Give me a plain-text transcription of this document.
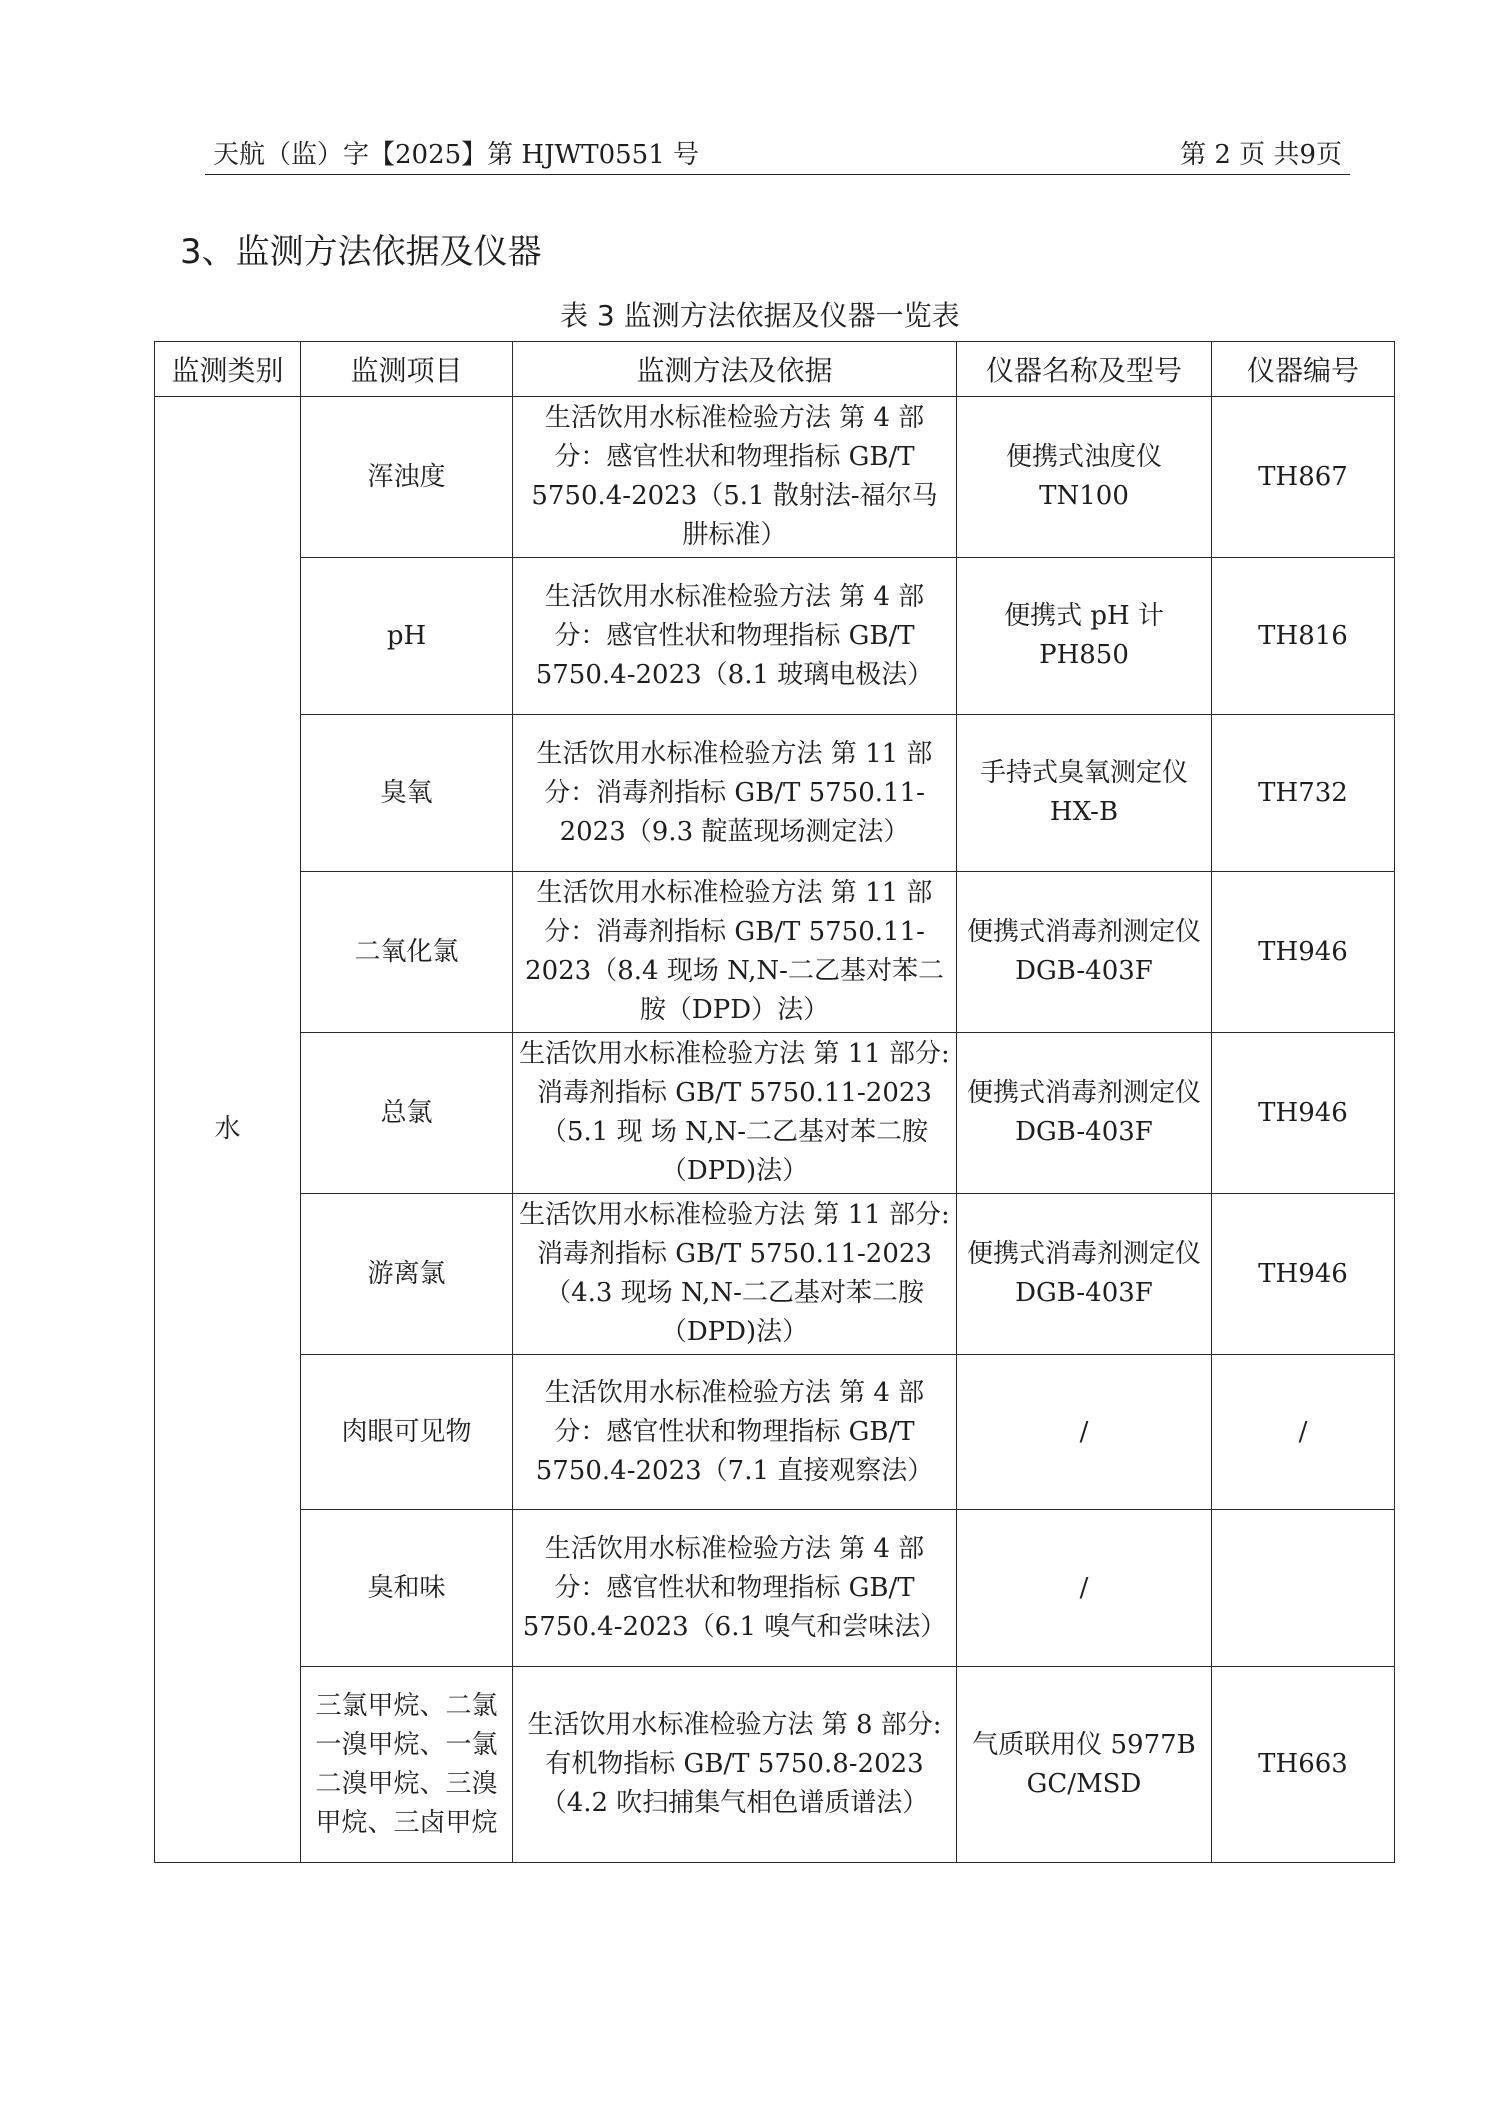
天航（监）字【2025】第 HJWT0551 号	第 2 页 共9页
3、监测方法依据及仪器
表 3 监测方法依据及仪器一览表
监测类别	监测项目	监测方法及依据	仪器名称及型号	仪器编号
水	浑浊度	生活饮用水标准检验方法 第 4 部分：感官性状和物理指标 GB/T 5750.4-2023（5.1 散射法-福尔马肼标准）	便携式浊度仪 TN100	TH867
	pH	生活饮用水标准检验方法 第 4 部分：感官性状和物理指标 GB/T 5750.4-2023（8.1 玻璃电极法）	便携式 pH 计 PH850	TH816
	臭氧	生活饮用水标准检验方法 第 11 部分：消毒剂指标 GB/T 5750.11-2023（9.3 靛蓝现场测定法）	手持式臭氧测定仪 HX-B	TH732
	二氧化氯	生活饮用水标准检验方法 第 11 部分：消毒剂指标 GB/T 5750.11-2023（8.4 现场 N,N-二乙基对苯二胺（DPD）法）	便携式消毒剂测定仪 DGB-403F	TH946
	总氯	生活饮用水标准检验方法 第 11 部分:消毒剂指标 GB/T 5750.11-2023（5.1 现 场 N,N-二乙基对苯二胺（DPD)法）	便携式消毒剂测定仪 DGB-403F	TH946
	游离氯	生活饮用水标准检验方法 第 11 部分:消毒剂指标 GB/T 5750.11-2023（4.3 现场 N,N-二乙基对苯二胺（DPD)法）	便携式消毒剂测定仪 DGB-403F	TH946
	肉眼可见物	生活饮用水标准检验方法 第 4 部分：感官性状和物理指标 GB/T 5750.4-2023（7.1 直接观察法）	/	/
	臭和味	生活饮用水标准检验方法 第 4 部分：感官性状和物理指标 GB/T 5750.4-2023（6.1 嗅气和尝味法）	/	
	三氯甲烷、二氯一溴甲烷、一氯二溴甲烷、三溴甲烷、三卤甲烷	生活饮用水标准检验方法 第 8 部分:有机物指标 GB/T 5750.8-2023（4.2 吹扫捕集气相色谱质谱法）	气质联用仪 5977B GC/MSD	TH663
